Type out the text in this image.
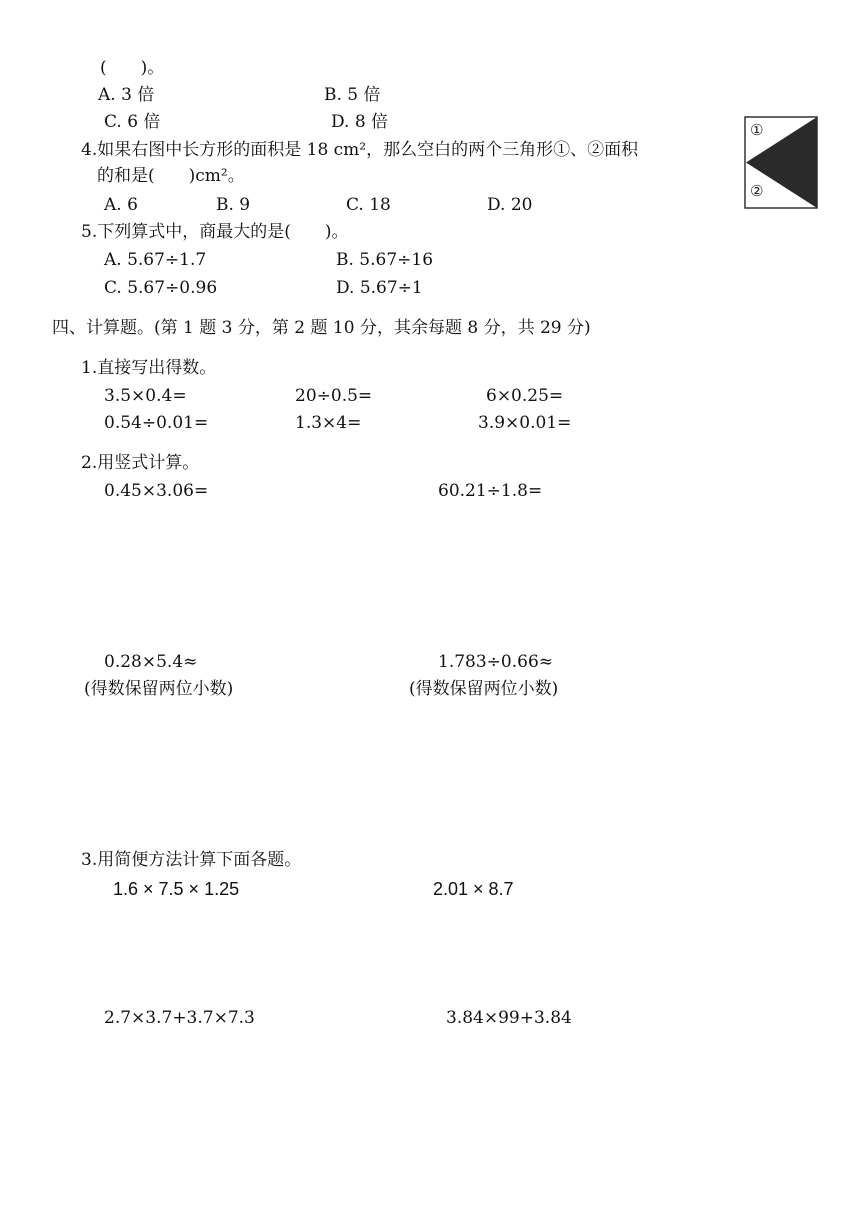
(　　)。
A. 3 倍	B. 5 倍
C. 6 倍	D. 8 倍
4.如果右图中长方形的面积是 18 cm²，那么空白的两个三角形①、②面积
的和是(　　)cm²。
A. 6	B. 9	C. 18	D. 20
①
②
5.下列算式中，商最大的是(　　)。
A. 5.67÷1.7	B. 5.67÷16
C. 5.67÷0.96	D. 5.67÷1
四、计算题。(第 1 题 3 分，第 2 题 10 分，其余每题 8 分，共 29 分)
1.直接写出得数。
3.5×0.4=	20÷0.5=	6×0.25=
0.54÷0.01=	1.3×4=	3.9×0.01=
2.用竖式计算。
0.45×3.06=	60.21÷1.8=
0.28×5.4≈	1.783÷0.66≈
(得数保留两位小数)	(得数保留两位小数)
3.用简便方法计算下面各题。
1.6 × 7.5 × 1.25	2.01 × 8.7
2.7×3.7+3.7×7.3	3.84×99+3.84
